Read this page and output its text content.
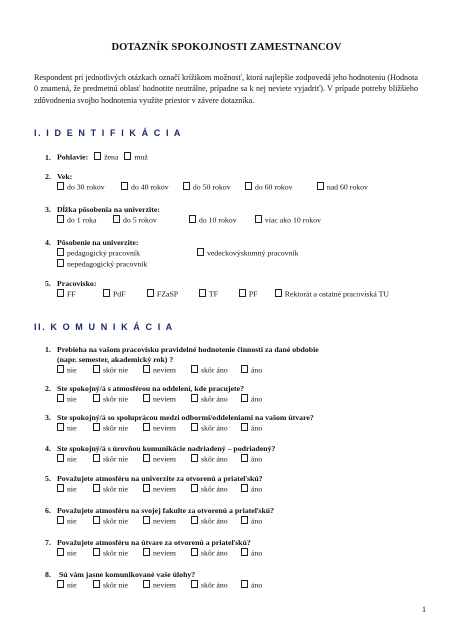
DOTAZNÍK SPOKOJNOSTI ZAMESTNANCOV
Respondent pri jednotlivých otázkach označí krížikom možnosť, ktorá najlepšie zodpovedá jeho hodnoteniu (Hodnota 0 znamená, že predmetnú oblasť hodnotite neutrálne, prípadne sa k nej neviete vyjadriť). V prípade potreby bližšieho zdôvodnenia svojho hodnotenia využite priestor v závere dotazníka.
I. I D E N T I F I K Á C I A
1. Pohlavie: žena muž
2. Vek:
do 30 rokov	do 40 rokov	do 50 rokov	do 60 rokov	nad 60 rokov
3. Dĺžka pôsobenia na univerzite:
do 1 roka	do 5 rokov	do 10 rokov	viac ako 10 rokov
4. Pôsobenie na univerzite:
pedagogický pracovník	vedeckovýskumný pracovník
nepedagogický pracovník
5. Pracovisko:
FF	PdF	FZaSP	TF	PF	Rektorát a ostatné pracoviská TU
II. K O M U N I K Á C I A
1. Prebieha na vašom pracovisku pravidelné hodnotenie činnosti za dané obdobie
(napr. semester, akademický rok) ?
nie	skôr nie	neviem	skôr áno	áno
2. Ste spokojný/á s atmosférou na oddelení, kde pracujete?
nie	skôr nie	neviem	skôr áno	áno
3. Ste spokojný/á so spoluprácou medzi odbormi/oddeleniami na vašom útvare?
nie	skôr nie	neviem	skôr áno	áno
4. Ste spokojný/á s úrovňou komunikácie nadriadený – podriadený?
nie	skôr nie	neviem	skôr áno	áno
5. Považujete atmosféru na univerzite za otvorenú a priateľskú?
nie	skôr nie	neviem	skôr áno	áno
6. Považujete atmosféru na svojej fakulte za otvorenú a priateľskú?
nie	skôr nie	neviem	skôr áno	áno
7. Považujete atmosféru na útvare za otvorenú a priateľskú?
nie	skôr nie	neviem	skôr áno	áno
8. Sú vám jasne komunikované vaše úlohy?
nie	skôr nie	neviem	skôr áno	áno
1
